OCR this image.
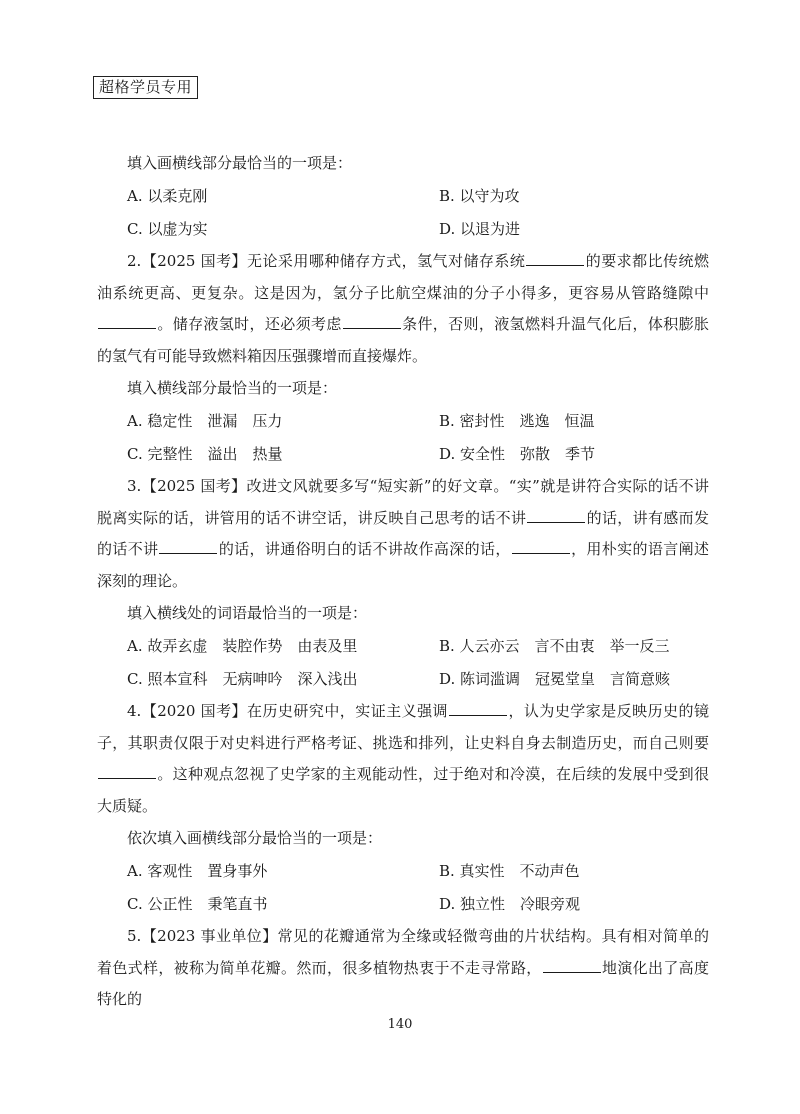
超格学员专用

填入画横线部分最恰当的一项是：

A. 以柔克刚	B. 以守为攻
C. 以虚为实	D. 以退为进

2.【2025 国考】无论采用哪种储存方式，氢气对储存系统	的要求都比传统燃油系统更高、更复杂。这是因为，氢分子比航空煤油的分子小得多，更容易从管路缝隙中。储存液氢时，还必须考虑	条件，否则，液氢燃料升温气化后，体积膨胀的氢气有可能导致燃料箱因压强骤增而直接爆炸。

填入横线部分最恰当的一项是：

A. 稳定性　泄漏　压力	B. 密封性　逃逸　恒温
C. 完整性　溢出　热量	D. 安全性　弥散　季节

3.【2025 国考】改进文风就要多写“短实新”的好文章。“实”就是讲符合实际的话不讲脱离实际的话，讲管用的话不讲空话，讲反映自己思考的话不讲	的话，讲有感而发的话不讲	的话，讲通俗明白的话不讲故作高深的话，	，用朴实的语言阐述深刻的理论。

填入横线处的词语最恰当的一项是：

A. 故弄玄虚　装腔作势　由表及里	B. 人云亦云　言不由衷　举一反三
C. 照本宣科　无病呻吟　深入浅出	D. 陈词滥调　冠冕堂皇　言简意赅

4.【2020 国考】在历史研究中，实证主义强调	，认为史学家是反映历史的镜子，其职责仅限于对史料进行严格考证、挑选和排列，让史料自身去制造历史，而自己则要。这种观点忽视了史学家的主观能动性，过于绝对和冷漠，在后续的发展中受到很大质疑。

依次填入画横线部分最恰当的一项是：

A. 客观性　置身事外	B. 真实性　不动声色
C. 公正性　秉笔直书	D. 独立性　冷眼旁观

5.【2023 事业单位】常见的花瓣通常为全缘或轻微弯曲的片状结构。具有相对简单的着色式样，被称为简单花瓣。然而，很多植物热衷于不走寻常路，	地演化出了高度特化的

140
